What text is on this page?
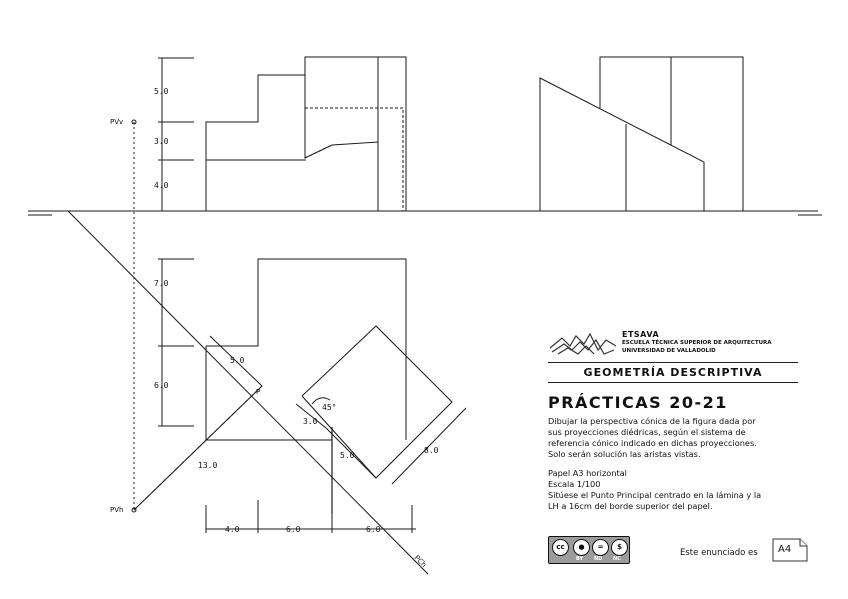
5.0
3.0
4.0
7.0
6.0
4.0	6.0	6.0
5.0
13.0
3.0
45°
5.0
8.0
PVv
PVh
P
PCh
ETSAVA
ESCUELA TÉCNICA SUPERIOR DE ARQUITECTURA
UNIVERSIDAD DE VALLADOLID
GEOMETRÍA DESCRIPTIVA
PRÁCTICAS 20-21
Dibujar la perspectiva cónica de la figura dada por
sus proyecciones diédricas, según el sistema de
referencia cónico indicado en dichas proyecciones.
Solo serán solución las aristas vistas.
Papel A3 horizontal
Escala 1/100
Sitúese el Punto Principal centrado en la lámina y la
LH a 16cm del borde superior del papel.
cc	●	=	$
BY ND NC
Este enunciado es A4
